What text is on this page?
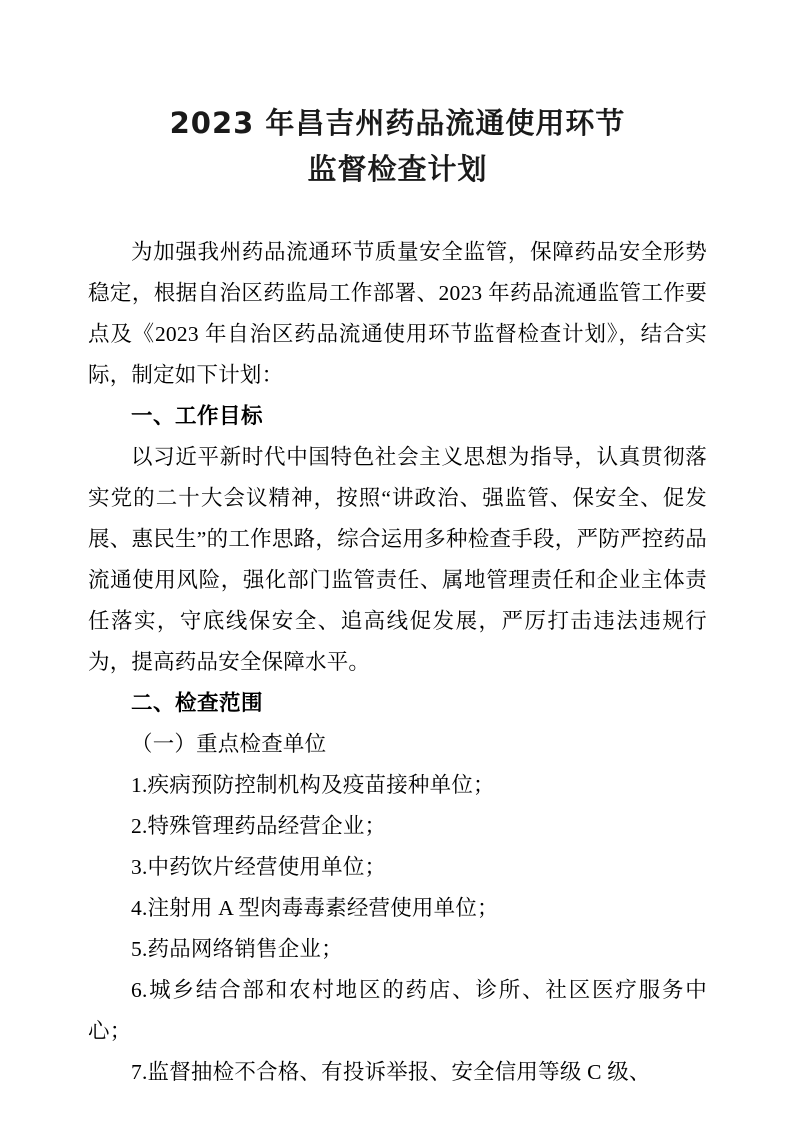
2023 年昌吉州药品流通使用环节
监督检查计划

为加强我州药品流通环节质量安全监管，保障药品安全形势稳定，根据自治区药监局工作部署、2023 年药品流通监管工作要点及《2023 年自治区药品流通使用环节监督检查计划》，结合实际，制定如下计划：

一、工作目标

以习近平新时代中国特色社会主义思想为指导，认真贯彻落实党的二十大会议精神，按照“讲政治、强监管、保安全、促发展、惠民生”的工作思路，综合运用多种检查手段，严防严控药品流通使用风险，强化部门监管责任、属地管理责任和企业主体责任落实，守底线保安全、追高线促发展，严厉打击违法违规行为，提高药品安全保障水平。

二、检查范围

（一）重点检查单位

1.疾病预防控制机构及疫苗接种单位；

2.特殊管理药品经营企业；

3.中药饮片经营使用单位；

4.注射用 A 型肉毒毒素经营使用单位；

5.药品网络销售企业；

6.城乡结合部和农村地区的药店、诊所、社区医疗服务中心；

7.监督抽检不合格、有投诉举报、安全信用等级 C 级、
